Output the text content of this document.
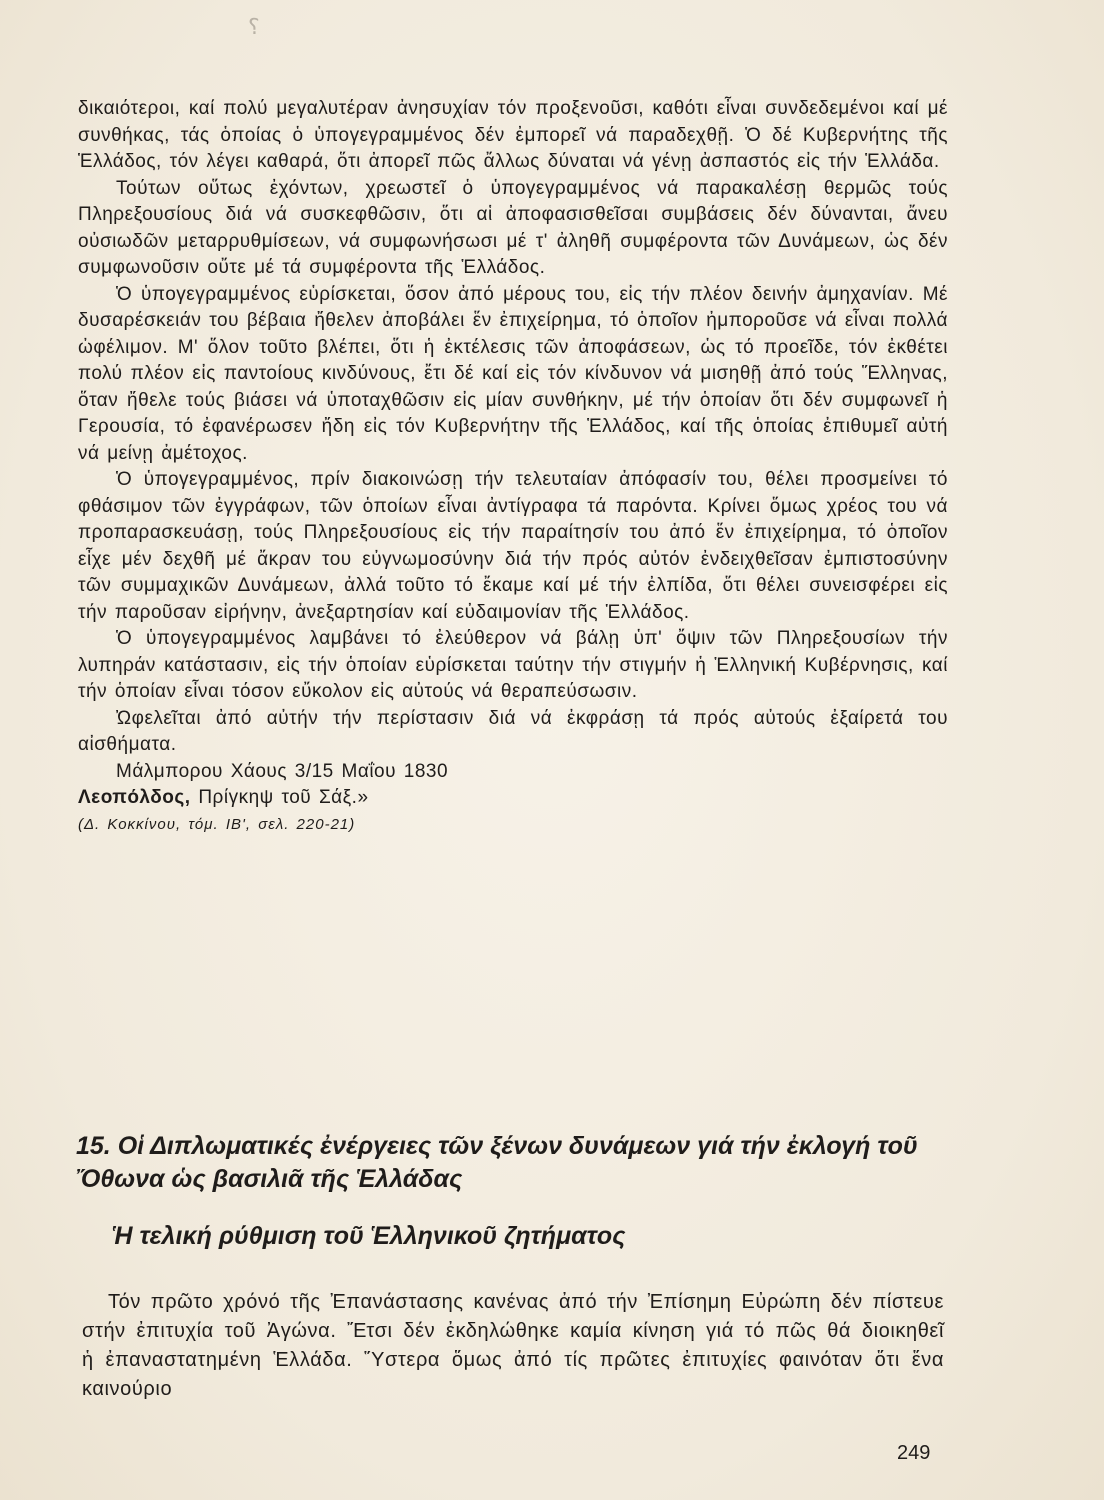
؟

δικαιότεροι, καί πολύ μεγαλυτέραν ἀνησυχίαν τόν προξενοῦσι, καθότι εἶναι συνδεδεμένοι καί μέ συνθήκας, τάς ὁποίας ὁ ὑπογεγραμμένος δέν ἐμπορεῖ νά παραδεχθῇ. Ὁ δέ Κυβερνήτης τῆς Ἑλλάδος, τόν λέγει καθαρά, ὅτι ἀπορεῖ πῶς ἄλλως δύναται νά γένῃ ἀσπαστός εἰς τήν Ἑλλάδα.

Τούτων οὕτως ἐχόντων, χρεωστεῖ ὁ ὑπογεγραμμένος νά παρακαλέσῃ θερμῶς τούς Πληρεξουσίους διά νά συσκεφθῶσιν, ὅτι αἱ ἀποφασισθεῖσαι συμβάσεις δέν δύνανται, ἄνευ οὐσιωδῶν μεταρρυθμίσεων, νά συμφωνήσωσι μέ τ' ἀληθῆ συμφέροντα τῶν Δυνάμεων, ὡς δέν συμφωνοῦσιν οὔτε μέ τά συμφέροντα τῆς Ἑλλάδος.

Ὁ ὑπογεγραμμένος εὑρίσκεται, ὅσον ἀπό μέρους του, εἰς τήν πλέον δεινήν ἀμηχανίαν. Μέ δυσαρέσκειάν του βέβαια ἤθελεν ἀποβάλει ἕν ἐπιχείρημα, τό ὁποῖον ἠμποροῦσε νά εἶναι πολλά ὠφέλιμον. Μ' ὅλον τοῦτο βλέπει, ὅτι ἡ ἐκτέλεσις τῶν ἀποφάσεων, ὡς τό προεῖδε, τόν ἐκθέτει πολύ πλέον εἰς παντοίους κινδύνους, ἔτι δέ καί εἰς τόν κίνδυνον νά μισηθῇ ἀπό τούς Ἕλληνας, ὅταν ἤθελε τούς βιάσει νά ὑποταχθῶσιν εἰς μίαν συνθήκην, μέ τήν ὁποίαν ὅτι δέν συμφωνεῖ ἡ Γερουσία, τό ἐφανέρωσεν ἤδη εἰς τόν Κυβερνήτην τῆς Ἑλλάδος, καί τῆς ὁποίας ἐπιθυμεῖ αὐτή νά μείνῃ ἀμέτοχος.

Ὁ ὑπογεγραμμένος, πρίν διακοινώσῃ τήν τελευταίαν ἀπόφασίν του, θέλει προσμείνει τό φθάσιμον τῶν ἐγγράφων, τῶν ὁποίων εἶναι ἀντίγραφα τά παρόντα. Κρίνει ὅμως χρέος του νά προπαρασκευάσῃ, τούς Πληρεξουσίους εἰς τήν παραίτησίν του ἀπό ἕν ἐπιχείρημα, τό ὁποῖον εἶχε μέν δεχθῆ μέ ἄκραν του εὐγνωμοσύνην διά τήν πρός αὐτόν ἐνδειχθεῖσαν ἐμπιστοσύνην τῶν συμμαχικῶν Δυνάμεων, ἀλλά τοῦτο τό ἔκαμε καί μέ τήν ἐλπίδα, ὅτι θέλει συνεισφέρει εἰς τήν παροῦσαν εἰρήνην, ἀνεξαρτησίαν καί εὐδαιμονίαν τῆς Ἑλλάδος.

Ὁ ὑπογεγραμμένος λαμβάνει τό ἐλεύθερον νά βάλῃ ὑπ' ὄψιν τῶν Πληρεξουσίων τήν λυπηράν κατάστασιν, εἰς τήν ὁποίαν εὑρίσκεται ταύτην τήν στιγμήν ἡ Ἑλληνική Κυβέρνησις, καί τήν ὁποίαν εἶναι τόσον εὔκολον εἰς αὐτούς νά θεραπεύσωσιν.

Ὠφελεῖται ἀπό αὐτήν τήν περίστασιν διά νά ἐκφράσῃ τά πρός αὐτούς ἐξαίρετά του αἰσθήματα.

Μάλμπορου Χάους 3/15 Μαΐου 1830

Λεοπόλδος, Πρίγκηψ τοῦ Σάξ.»

(Δ. Κοκκίνου, τόμ. ΙΒ', σελ. 220-21)

15. Οἱ Διπλωματικές ἐνέργειες τῶν ξένων δυνάμεων γιά τήν ἐκλογή τοῦ Ὄθωνα ὡς βασιλιᾶ τῆς Ἑλλάδας
Ἡ τελική ρύθμιση τοῦ Ἑλληνικοῦ ζητήματος

Τόν πρῶτο χρόνό τῆς Ἐπανάστασης κανένας ἀπό τήν Ἐπίσημη Εὐρώπη δέν πίστευε στήν ἐπιτυχία τοῦ Ἀγώνα. Ἔτσι δέν ἐκδηλώθηκε καμία κίνηση γιά τό πῶς θά διοικηθεῖ ἡ ἐπαναστατημένη Ἑλλάδα. Ὕστερα ὅμως ἀπό τίς πρῶτες ἐπιτυχίες φαινόταν ὅτι ἕνα καινούριο

249
